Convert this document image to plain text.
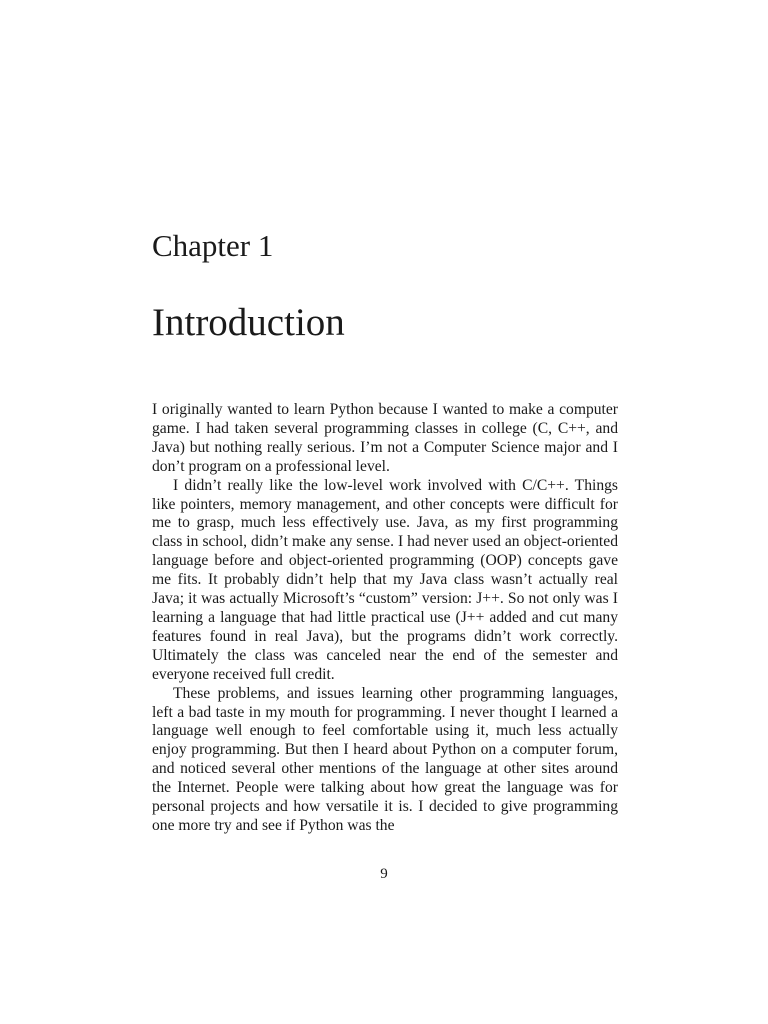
Chapter 1
Introduction

I originally wanted to learn Python because I wanted to make a computer game. I had taken several programming classes in college (C, C++, and Java) but nothing really serious. I’m not a Computer Science major and I don’t program on a professional level.

I didn’t really like the low-level work involved with C/C++. Things like pointers, memory management, and other concepts were difficult for me to grasp, much less effectively use. Java, as my first programming class in school, didn’t make any sense. I had never used an object-oriented language before and object-oriented programming (OOP) concepts gave me fits. It probably didn’t help that my Java class wasn’t actually real Java; it was actually Microsoft’s “custom” version: J++. So not only was I learning a language that had little practical use (J++ added and cut many features found in real Java), but the programs didn’t work correctly. Ultimately the class was canceled near the end of the semester and everyone received full credit.

These problems, and issues learning other programming languages, left a bad taste in my mouth for programming. I never thought I learned a language well enough to feel comfortable using it, much less actually enjoy programming. But then I heard about Python on a computer forum, and noticed several other mentions of the language at other sites around the Internet. People were talking about how great the language was for personal projects and how versatile it is. I decided to give programming one more try and see if Python was the

9
